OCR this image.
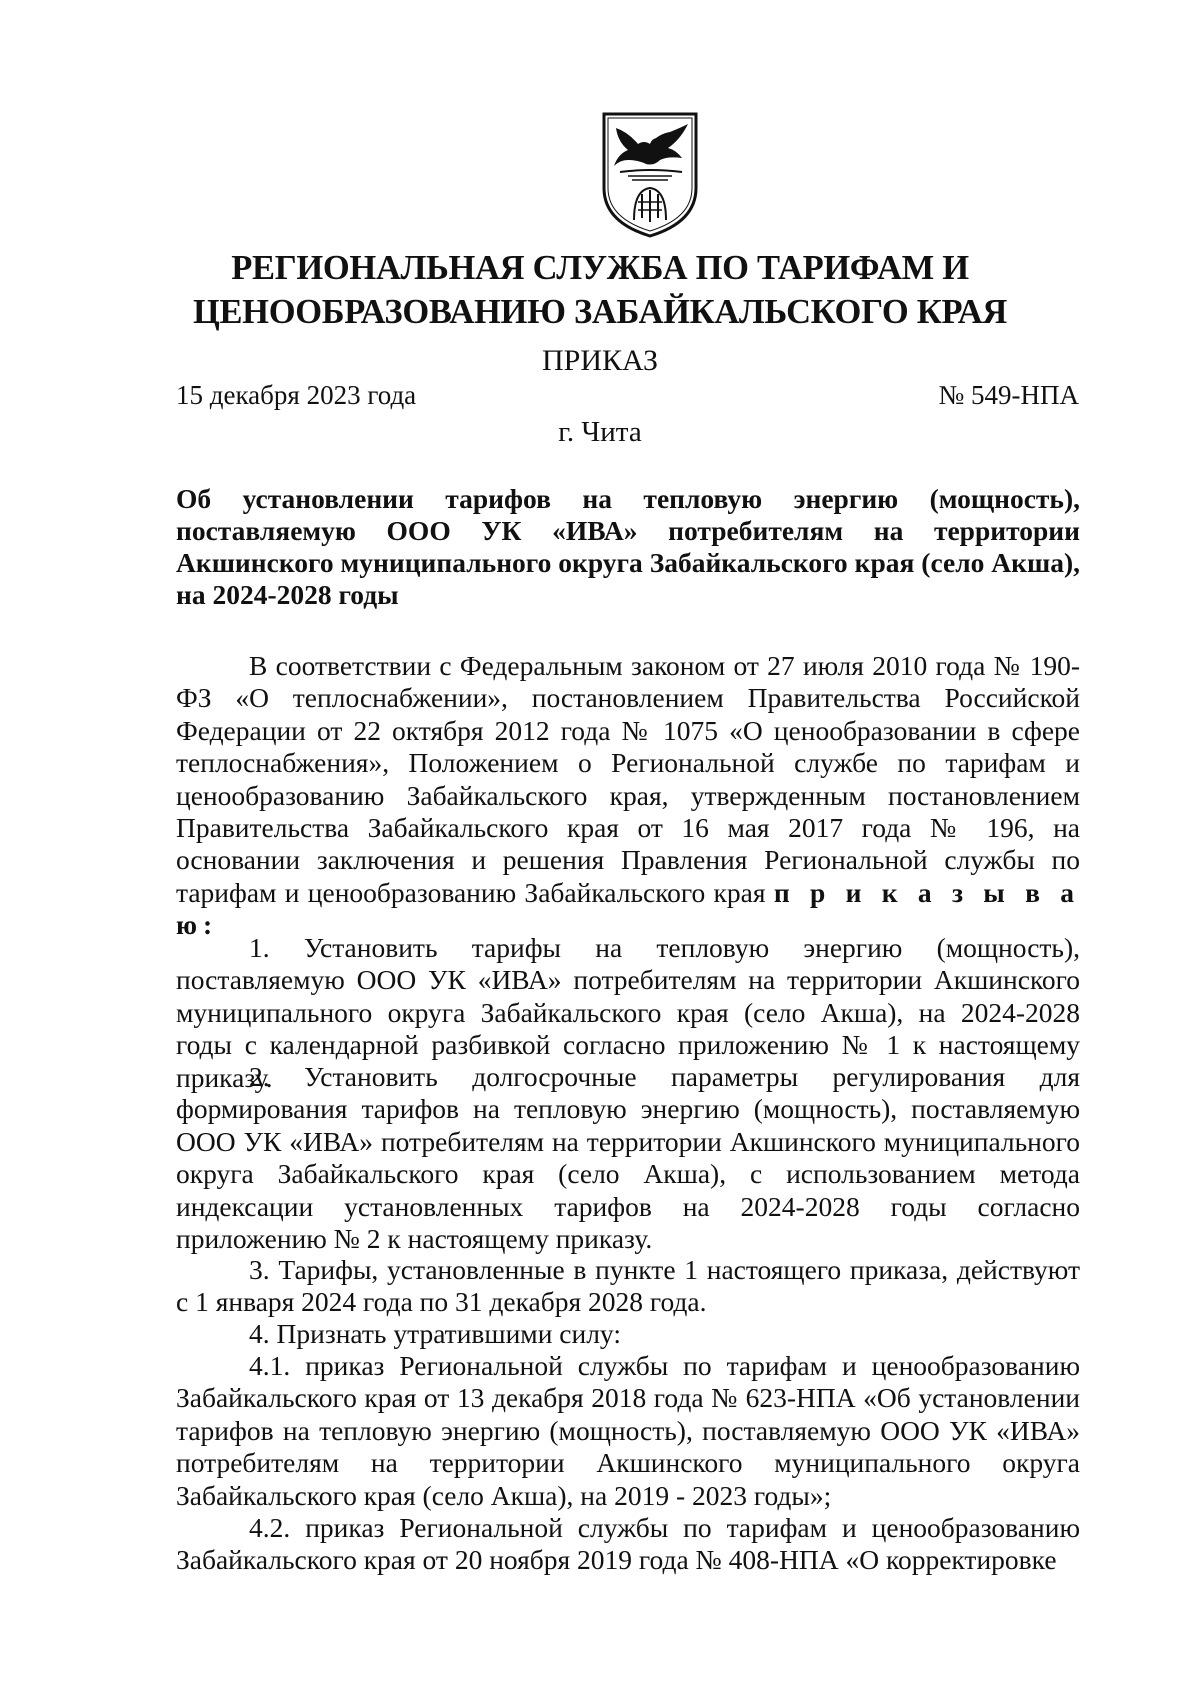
РЕГИОНАЛЬНАЯ СЛУЖБА ПО ТАРИФАМ И
ЦЕНООБРАЗОВАНИЮ ЗАБАЙКАЛЬСКОГО КРАЯ
ПРИКАЗ
15 декабря 2023 года	№ 549-НПА
г. Чита
Об установлении тарифов на тепловую энергию (мощность), поставляемую ООО УК «ИВА» потребителям на территории Акшинского муниципального округа Забайкальского края (село Акша), на 2024-2028 годы

В соответствии с Федеральным законом от 27 июля 2010 года № 190-ФЗ «О теплоснабжении», постановлением Правительства Российской Федерации от 22 октября 2012 года № 1075 «О ценообразовании в сфере теплоснабжения», Положением о Региональной службе по тарифам и ценообразованию Забайкальского края, утвержденным постановлением Правительства Забайкальского края от 16 мая 2017 года № 196, на основании заключения и решения Правления Региональной службы по тарифам и ценообразованию Забайкальского края п р и к а з ы в а ю:

1. Установить тарифы на тепловую энергию (мощность), поставляемую ООО УК «ИВА» потребителям на территории Акшинского муниципального округа Забайкальского края (село Акша), на 2024-2028 годы с календарной разбивкой согласно приложению № 1 к настоящему приказу.

2. Установить долгосрочные параметры регулирования для формирования тарифов на тепловую энергию (мощность), поставляемую ООО УК «ИВА» потребителям на территории Акшинского муниципального округа Забайкальского края (село Акша), с использованием метода индексации установленных тарифов на 2024-2028 годы согласно приложению № 2 к настоящему приказу.

3. Тарифы, установленные в пункте 1 настоящего приказа, действуют с 1 января 2024 года по 31 декабря 2028 года.

4. Признать утратившими силу:

4.1. приказ Региональной службы по тарифам и ценообразованию Забайкальского края от 13 декабря 2018 года № 623-НПА «Об установлении тарифов на тепловую энергию (мощность), поставляемую ООО УК «ИВА» потребителям на территории Акшинского муниципального округа Забайкальского края (село Акша), на 2019 - 2023 годы»;

4.2. приказ Региональной службы по тарифам и ценообразованию Забайкальского края от 20 ноября 2019 года № 408-НПА «О корректировке
